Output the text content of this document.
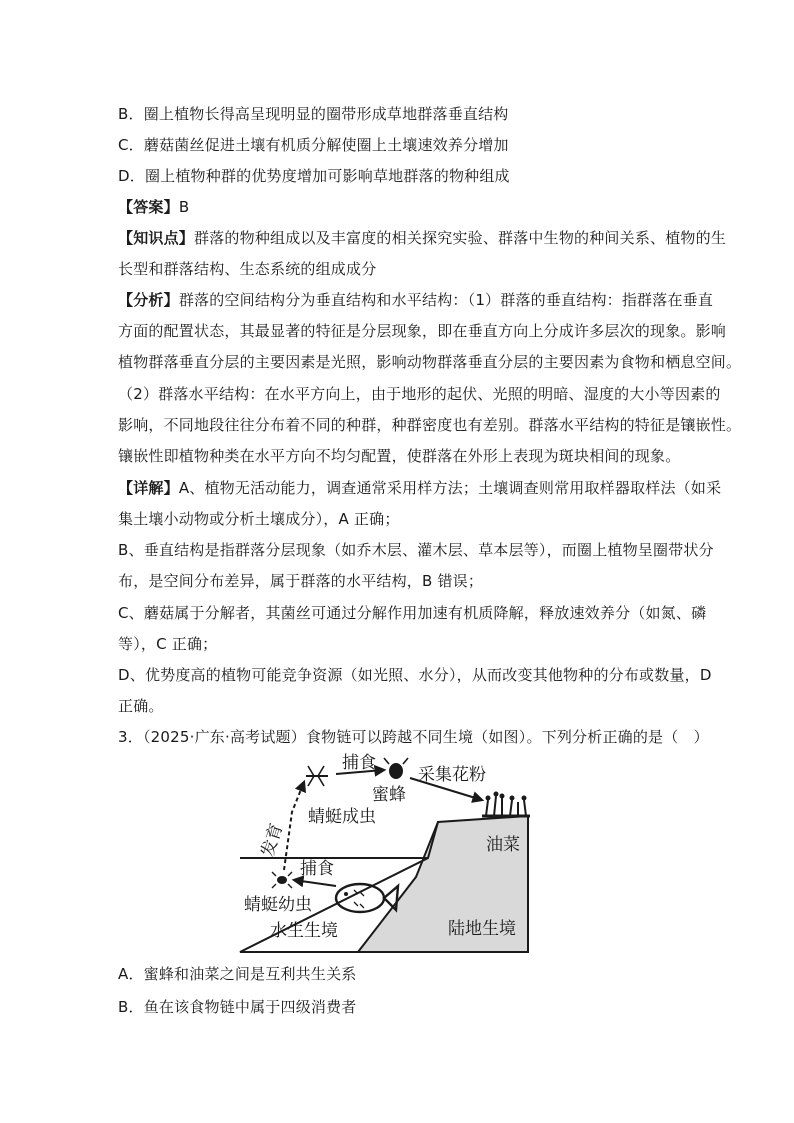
B．圈上植物长得高呈现明显的圈带形成草地群落垂直结构
C．蘑菇菌丝促进土壤有机质分解使圈上土壤速效养分增加
D．圈上植物种群的优势度增加可影响草地群落的物种组成
【答案】B
【知识点】群落的物种组成以及丰富度的相关探究实验、群落中生物的种间关系、植物的生
长型和群落结构、生态系统的组成成分
【分析】群落的空间结构分为垂直结构和水平结构：（1）群落的垂直结构：指群落在垂直
方面的配置状态，其最显著的特征是分层现象，即在垂直方向上分成许多层次的现象。影响
植物群落垂直分层的主要因素是光照，影响动物群落垂直分层的主要因素为食物和栖息空间。
（2）群落水平结构：在水平方向上，由于地形的起伏、光照的明暗、湿度的大小等因素的
影响，不同地段往往分布着不同的种群，种群密度也有差别。群落水平结构的特征是镶嵌性。
镶嵌性即植物种类在水平方向不均匀配置，使群落在外形上表现为斑块相间的现象。
【详解】A、植物无活动能力，调查通常采用样方法；土壤调查则常用取样器取样法（如采
集土壤小动物或分析土壤成分），A 正确；
B、垂直结构是指群落分层现象（如乔木层、灌木层、草本层等），而圈上植物呈圈带状分
布，是空间分布差异，属于群落的水平结构，B 错误；
C、蘑菇属于分解者，其菌丝可通过分解作用加速有机质降解，释放速效养分（如氮、磷
等），C 正确；
D、优势度高的植物可能竞争资源（如光照、水分），从而改变其他物种的分布或数量，D
正确。
3．（2025·广东·高考试题）食物链可以跨越不同生境（如图）。下列分析正确的是（　）
捕食
蜜蜂
采集花粉
蜻蜓成虫
发育	油菜
捕食
蜻蜓幼虫
水生生境	陆地生境
A．蜜蜂和油菜之间是互利共生关系
B．鱼在该食物链中属于四级消费者
